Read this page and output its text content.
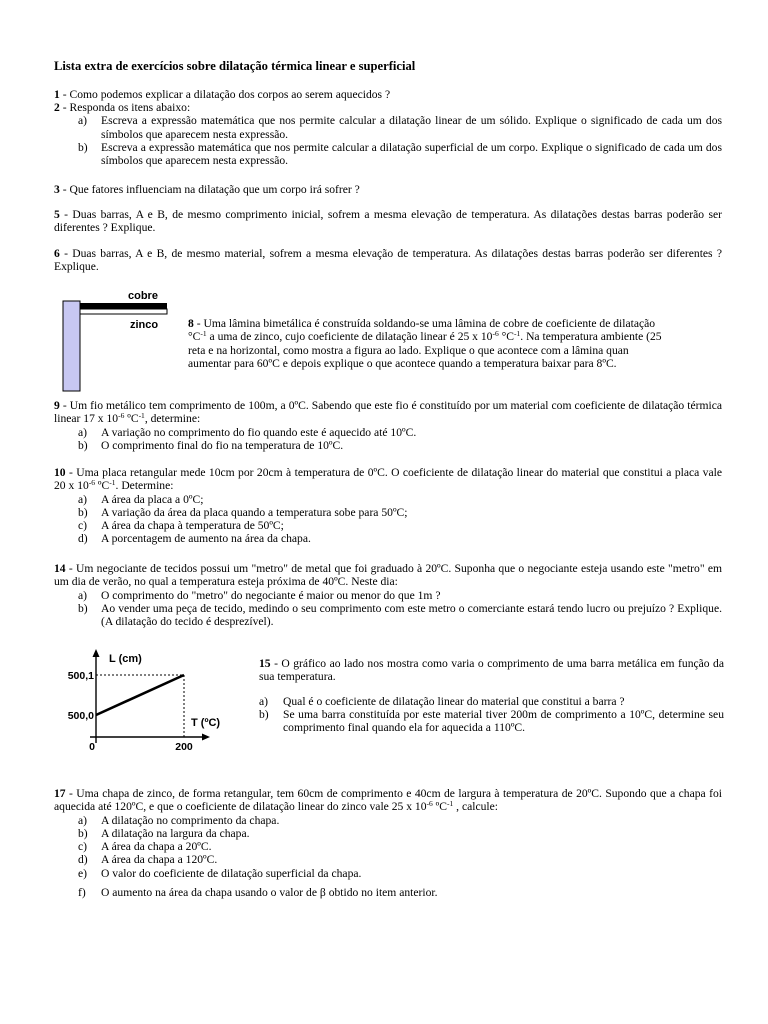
Lista extra de exercícios sobre dilatação térmica linear e superficial

1 - Como podemos explicar a dilatação dos corpos ao serem aquecidos ?

2 - Responda os itens abaixo:

a) Escreva a expressão matemática que nos permite calcular a dilatação linear de um sólido. Explique o significado de cada um dos símbolos que aparecem nesta expressão.
b) Escreva a expressão matemática que nos permite calcular a dilatação superficial de um corpo. Explique o significado de cada um dos símbolos que aparecem nesta expressão.

3 - Que fatores influenciam na dilatação que um corpo irá sofrer ?

5 - Duas barras, A e B, de mesmo comprimento inicial, sofrem a mesma elevação de temperatura. As dilatações destas barras poderão ser diferentes ? Explique.

6 - Duas barras, A e B, de mesmo material, sofrem a mesma elevação de temperatura. As dilatações destas barras poderão ser diferentes ? Explique.

cobre
zinco	8 - Uma lâmina bimetálica é construída soldando-se uma lâmina de cobre de coeficiente de dilatação
$^\circ C^{-1}$ a uma de zinco, cujo coeficiente de dilatação linear é 25 x $10^{-6}$ $^\circ C^{-1}$. Na temperatura ambiente (25
reta e na horizontal, como mostra a figura ao lado. Explique o que acontece com a lâmina quan
aumentar para 60ºC e depois explique o que acontece quando a temperatura baixar para 8ºC.

9 - Um fio metálico tem comprimento de 100m, a 0ºC. Sabendo que este fio é constituído por um material com coeficiente de dilatação térmica linear 17 x $10^{-6}$ ºC$^{-1}$, determine:

a) A variação no comprimento do fio quando este é aquecido até 10ºC.
b) O comprimento final do fio na temperatura de 10ºC.

10 - Uma placa retangular mede 10cm por 20cm à temperatura de 0ºC. O coeficiente de dilatação linear do material que constitui a placa vale 20 x $10^{-6}$ ºC$^{-1}$. Determine:

a) A área da placa a 0ºC;
b) A variação da área da placa quando a temperatura sobe para 50ºC;
c) A área da chapa à temperatura de 50ºC;
d) A porcentagem de aumento na área da chapa.

14 - Um negociante de tecidos possui um "metro" de metal que foi graduado à 20ºC. Suponha que o negociante esteja usando este "metro" em um dia de verão, no qual a temperatura esteja próxima de 40ºC. Neste dia:

a) O comprimento do "metro" do negociante é maior ou menor do que 1m ?
b) Ao vender uma peça de tecido, medindo o seu comprimento com este metro o comerciante estará tendo lucro ou prejuízo ? Explique. (A dilatação do tecido é desprezível).
L (cm)
T (ºC)
500,0
500,1
0	200

15 - O gráfico ao lado nos mostra como varia o comprimento de uma barra metálica em função da sua temperatura.

a) Qual é o coeficiente de dilatação linear do material que constitui a barra ?
b) Se uma barra constituída por este material tiver 200m de comprimento a 10ºC, determine seu comprimento final quando ela for aquecida a 110ºC.

17 - Uma chapa de zinco, de forma retangular, tem 60cm de comprimento e 40cm de largura à temperatura de 20ºC. Supondo que a chapa foi aquecida até 120ºC, e que o coeficiente de dilatação linear do zinco vale 25 x $10^{-6}$ ºC$^{-1}$ , calcule:

a) A dilatação no comprimento da chapa.
b) A dilatação na largura da chapa.
c) A área da chapa a 20ºC.
d) A área da chapa a 120ºC.
e) O valor do coeficiente de dilatação superficial da chapa.
f) O aumento na área da chapa usando o valor de β obtido no item anterior.
